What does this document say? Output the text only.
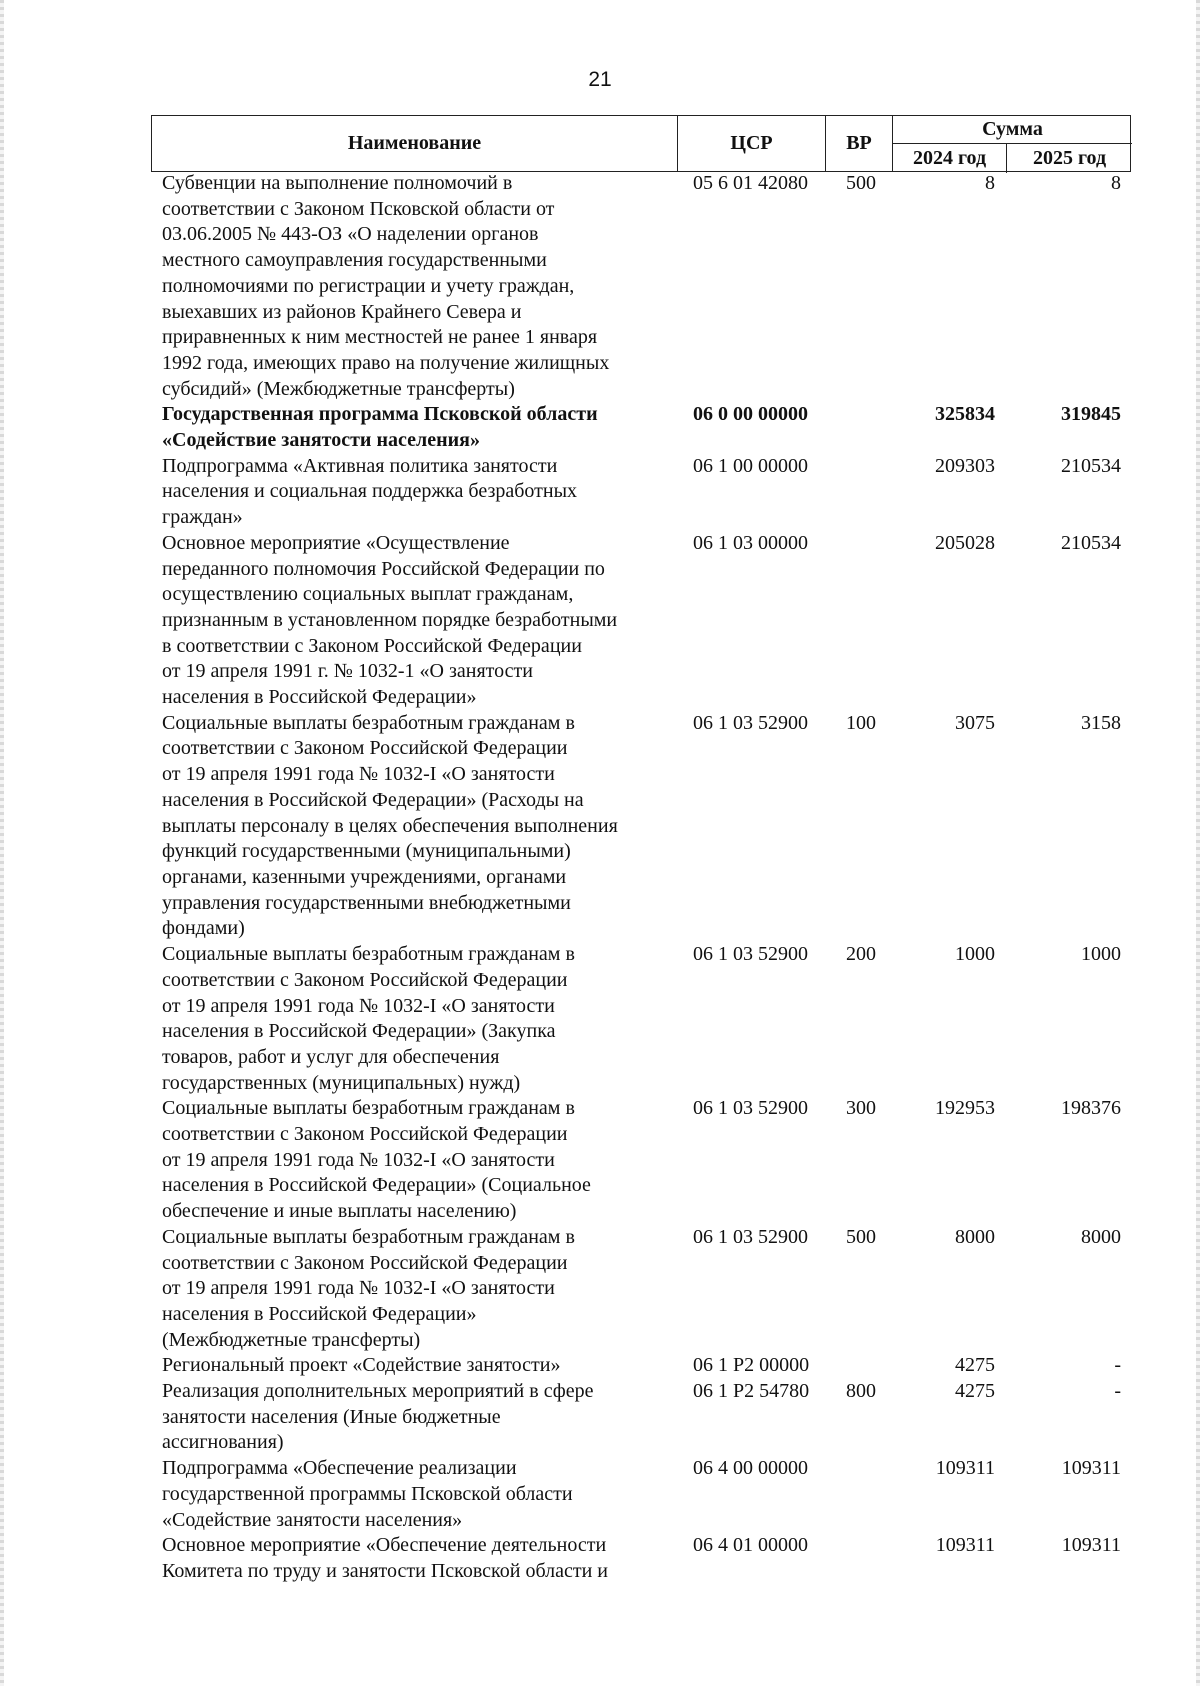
21
Наименование	ЦСР	ВР
Сумма
2024 год	2025 год
Субвенции на выполнение полномочий в
соответствии с Законом Псковской области от
03.06.2005 № 443-ОЗ «О наделении органов
местного самоуправления государственными
полномочиями по регистрации и учету граждан,
выехавших из районов Крайнего Севера и
приравненных к ним местностей не ранее 1 января
1992 года, имеющих право на получение жилищных
субсидий» (Межбюджетные трансферты)
05 6 01 42080 500	8	8
Государственная программа Псковской области
«Содействие занятости населения»
06 0 00 00000	325834	319845
Подпрограмма «Активная политика занятости
населения и социальная поддержка безработных
граждан»
06 1 00 00000	209303	210534
Основное мероприятие «Осуществление
переданного полномочия Российской Федерации по
осуществлению социальных выплат гражданам,
признанным в установленном порядке безработными
в соответствии с Законом Российской Федерации
от 19 апреля 1991 г. № 1032-1 «О занятости
населения в Российской Федерации»
06 1 03 00000	205028	210534
Социальные выплаты безработным гражданам в
соответствии с Законом Российской Федерации
от 19 апреля 1991 года № 1032-I «О занятости
населения в Российской Федерации» (Расходы на
выплаты персоналу в целях обеспечения выполнения
функций государственными (муниципальными)
органами, казенными учреждениями, органами
управления государственными внебюджетными
фондами)
06 1 03 52900 100	3075	3158
Социальные выплаты безработным гражданам в
соответствии с Законом Российской Федерации
от 19 апреля 1991 года № 1032-I «О занятости
населения в Российской Федерации» (Закупка
товаров, работ и услуг для обеспечения
государственных (муниципальных) нужд)
06 1 03 52900 200	1000	1000
Социальные выплаты безработным гражданам в
соответствии с Законом Российской Федерации
от 19 апреля 1991 года № 1032-I «О занятости
населения в Российской Федерации» (Социальное
обеспечение и иные выплаты населению)
06 1 03 52900 300	192953	198376
Социальные выплаты безработным гражданам в
соответствии с Законом Российской Федерации
от 19 апреля 1991 года № 1032-I «О занятости
населения в Российской Федерации»
(Межбюджетные трансферты)
06 1 03 52900 500	8000	8000
Региональный проект «Содействие занятости»	06 1 P2 00000	4275	-
Реализация дополнительных мероприятий в сфере
занятости населения (Иные бюджетные
ассигнования)
06 1 P2 54780 800	4275	-
Подпрограмма «Обеспечение реализации
государственной программы Псковской области
«Содействие занятости населения»
06 4 00 00000	109311	109311
Основное мероприятие «Обеспечение деятельности
Комитета по труду и занятости Псковской области и
06 4 01 00000	109311	109311
